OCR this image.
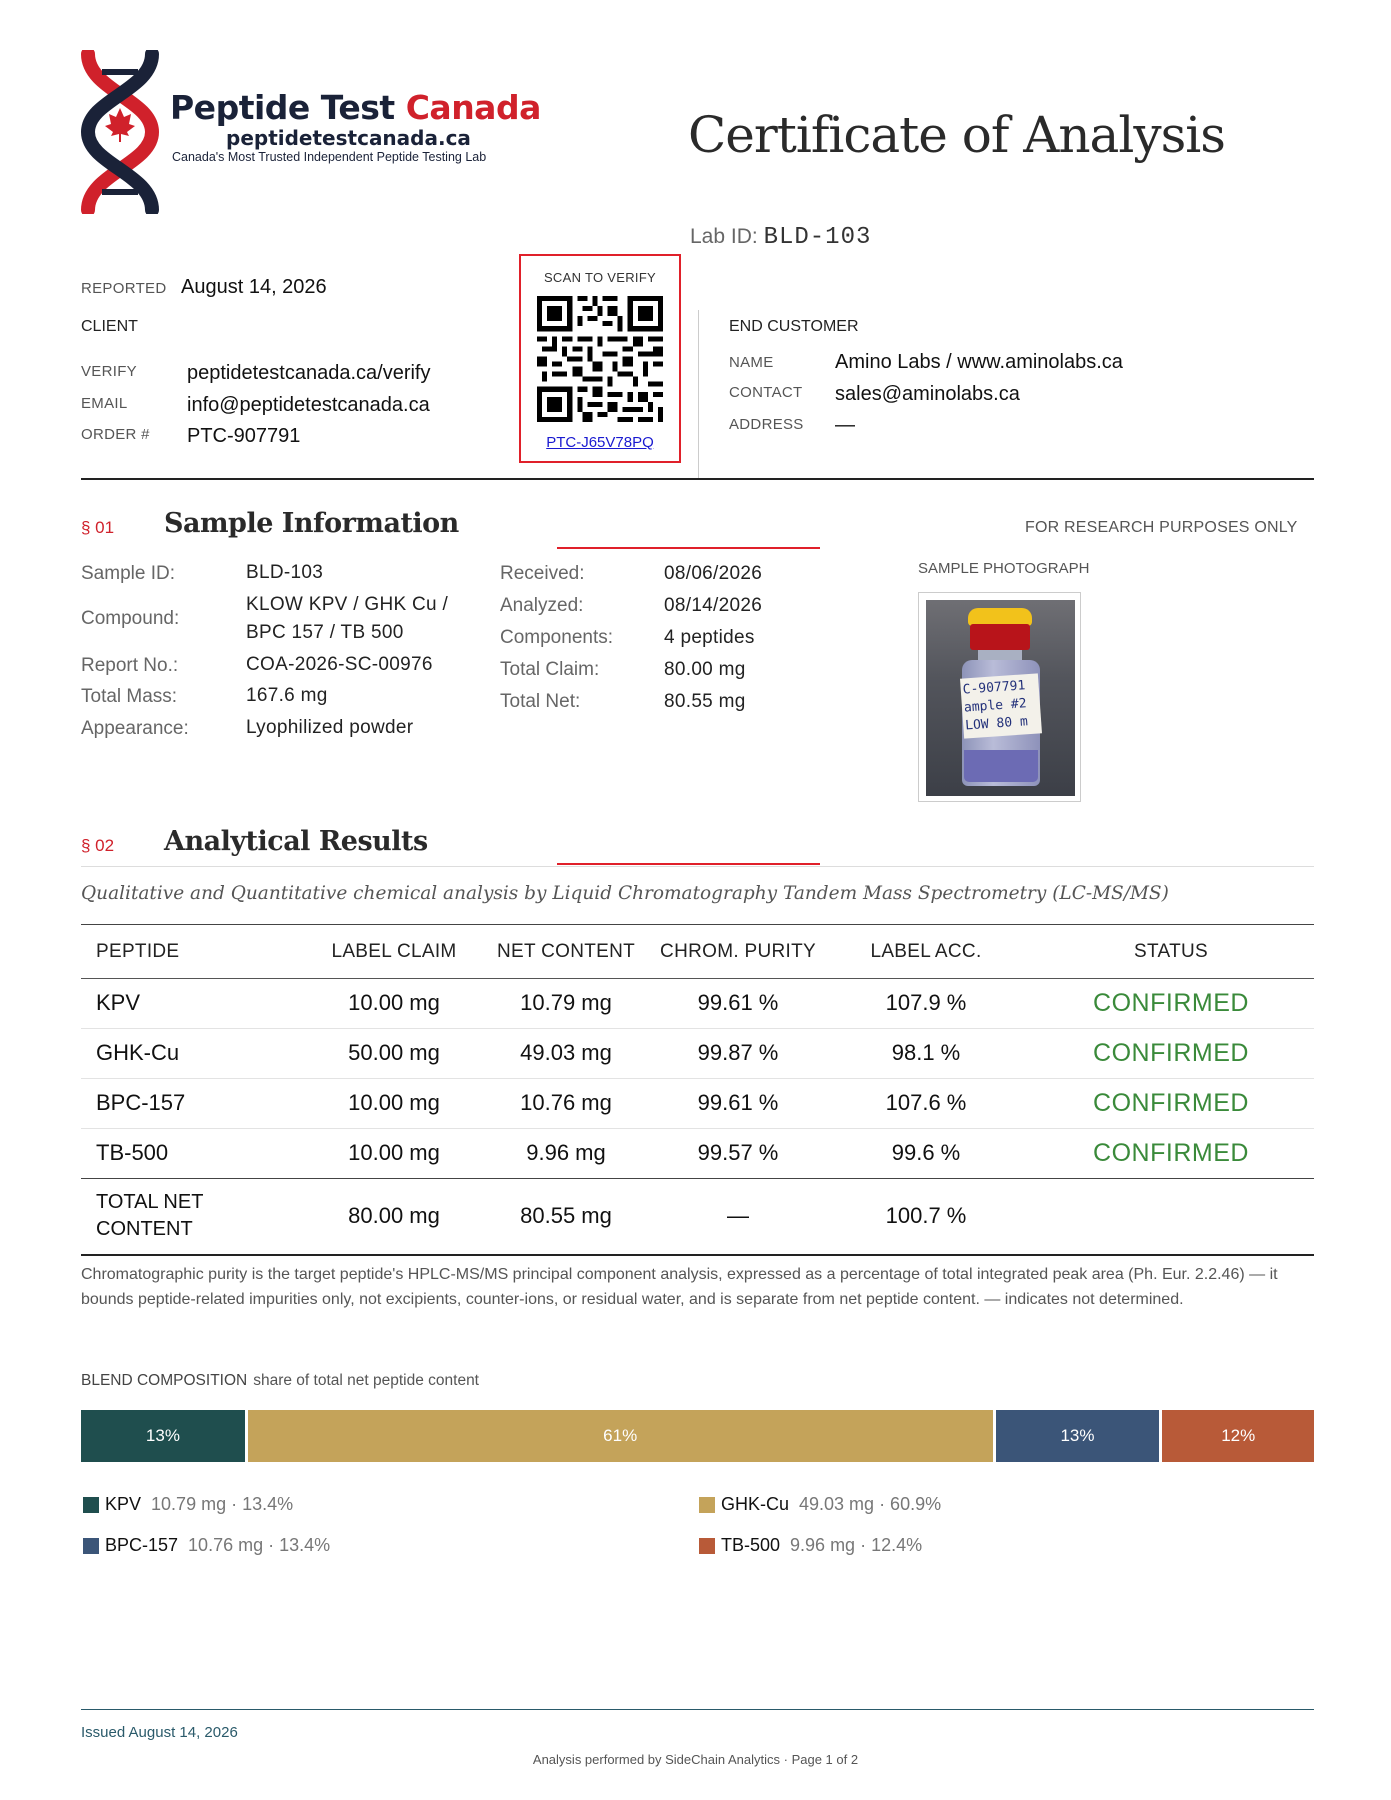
Peptide Test Canada
peptidetestcanada.ca
Canada's Most Trusted Independent Peptide Testing Lab	Certificate of Analysis
Lab ID: BLD-103
REPORTED August 14, 2026
CLIENT
VERIFY	peptidetestcanada.ca/verify
EMAIL	info@peptidetestcanada.ca
ORDER # PTC-907791
SCAN TO VERIFY
PTC-J65V78PQ
END CUSTOMER
NAME	Amino Labs / www.aminolabs.ca
CONTACT sales@aminolabs.ca
ADDRESS —
§ 01 Sample Information	FOR RESEARCH PURPOSES ONLY
Sample ID:	BLD-103
Compound:
KLOW KPV / GHK Cu /
BPC 157 / TB 500
Report No.:	COA-2026-SC-00976
Total Mass:	167.6 mg
Appearance:	Lyophilized powder
Received:	08/06/2026
Analyzed:	08/14/2026
Components:	4 peptides
Total Claim:	80.00 mg
Total Net:	80.55 mg
SAMPLE PHOTOGRAPH
C-907791
ample #2
LOW 80 m
§ 02 Analytical Results
Qualitative and Quantitative chemical analysis by Liquid Chromatography Tandem Mass Spectrometry (LC-MS/MS)
PEPTIDE	LABEL CLAIM	NET CONTENT	CHROM. PURITY	LABEL ACC.	STATUS
KPV	10.00 mg	10.79 mg	99.61 %	107.9 %	CONFIRMED
GHK-Cu	50.00 mg	49.03 mg	99.87 %	98.1 %	CONFIRMED
BPC-157	10.00 mg	10.76 mg	99.61 %	107.6 %	CONFIRMED
TB-500	10.00 mg	9.96 mg	99.57 %	99.6 %	CONFIRMED

TOTAL NET
CONTENT	80.00 mg	80.55 mg	—	100.7 %	
Chromatographic purity is the target peptide's HPLC-MS/MS principal component analysis, expressed as a percentage of total integrated peak area (Ph. Eur. 2.2.46) — it bounds peptide-related impurities only, not excipients, counter-ions, or residual water, and is separate from net peptide content. — indicates not determined.
BLEND COMPOSITION share of total net peptide content
13%	61%	13%	12%
KPV 10.79 mg · 13.4%	GHK-Cu 49.03 mg · 60.9%
BPC-157 10.76 mg · 13.4%	TB-500 9.96 mg · 12.4%
Issued August 14, 2026
Analysis performed by SideChain Analytics · Page 1 of 2
